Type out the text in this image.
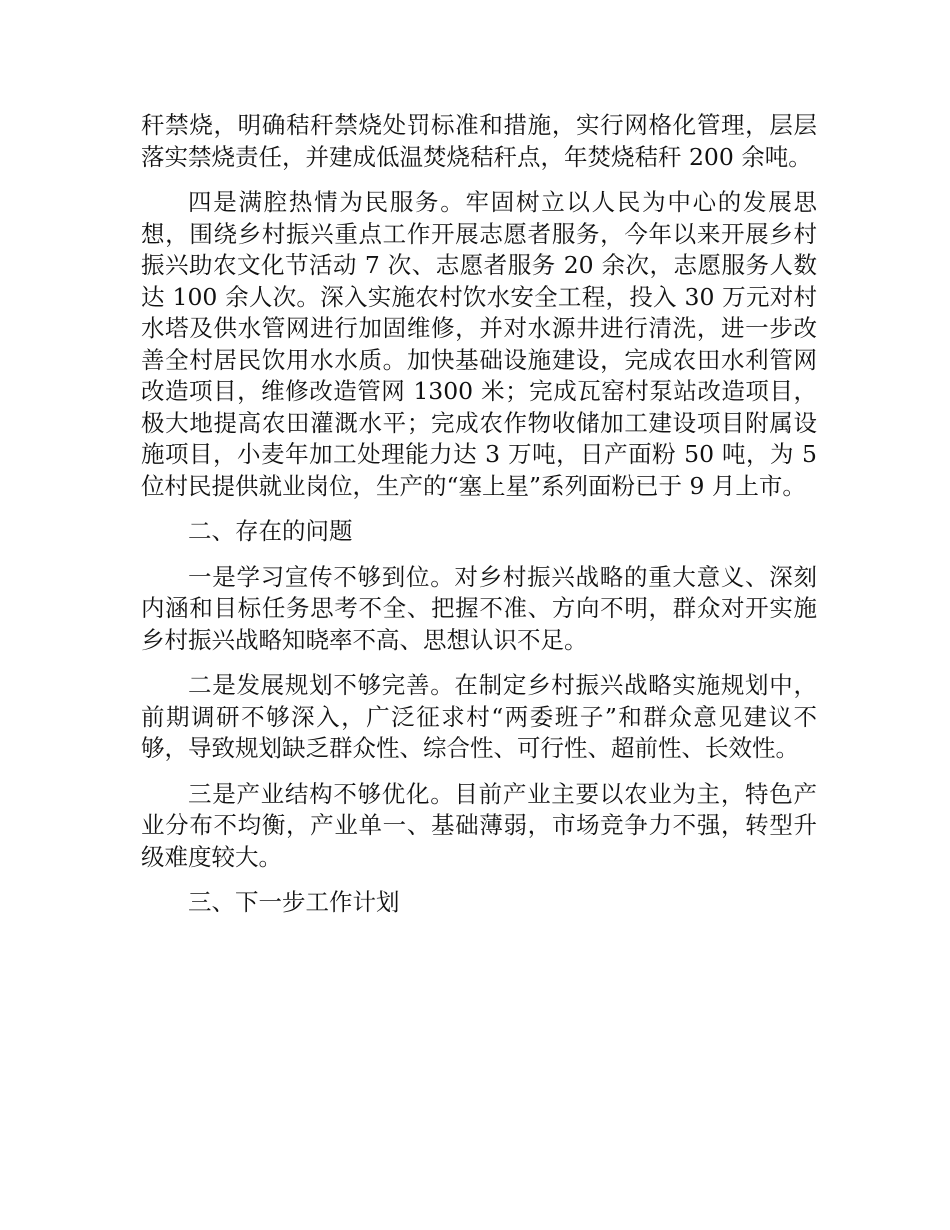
秆禁烧，明确秸秆禁烧处罚标准和措施，实行网格化管理，层层落实禁烧责任，并建成低温焚烧秸秆点，年焚烧秸秆 200 余吨。

四是满腔热情为民服务。牢固树立以人民为中心的发展思想，围绕乡村振兴重点工作开展志愿者服务，今年以来开展乡村振兴助农文化节活动 7 次、志愿者服务 20 余次，志愿服务人数达 100 余人次。深入实施农村饮水安全工程，投入 30 万元对村水塔及供水管网进行加固维修，并对水源井进行清洗，进一步改善全村居民饮用水水质。加快基础设施建设，完成农田水利管网改造项目，维修改造管网 1300 米；完成瓦窑村泵站改造项目，极大地提高农田灌溉水平；完成农作物收储加工建设项目附属设施项目，小麦年加工处理能力达 3 万吨，日产面粉 50 吨，为 5 位村民提供就业岗位，生产的“塞上星”系列面粉已于 9 月上市。

二、存在的问题

一是学习宣传不够到位。对乡村振兴战略的重大意义、深刻内涵和目标任务思考不全、把握不准、方向不明，群众对开实施乡村振兴战略知晓率不高、思想认识不足。

二是发展规划不够完善。在制定乡村振兴战略实施规划中，前期调研不够深入，广泛征求村“两委班子”和群众意见建议不够，导致规划缺乏群众性、综合性、可行性、超前性、长效性。

三是产业结构不够优化。目前产业主要以农业为主，特色产业分布不均衡，产业单一、基础薄弱，市场竞争力不强，转型升级难度较大。

三、下一步工作计划
